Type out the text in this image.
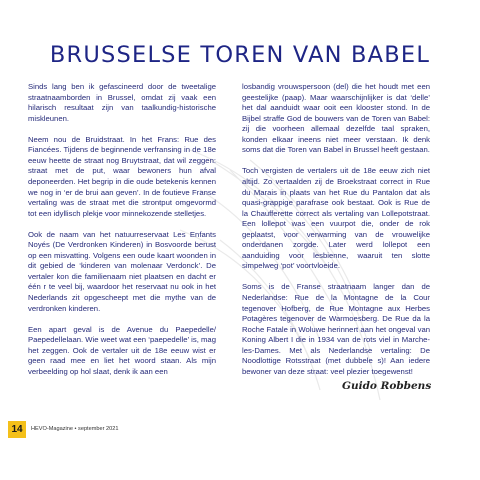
BRUSSELSE TOREN VAN BABEL

Sinds lang ben ik gefascineerd door de tweetalige straatnaamborden in Brussel, omdat zij vaak een hilarisch resultaat zijn van taalkundig-historische miskleunen.

Neem nou de Bruidstraat. In het Frans: Rue des Fiancées. Tijdens de beginnende verfransing in de 18e eeuw heette de straat nog Bruytstraat, dat wil zeggen: straat met de put, waar bewoners hun afval deponeerden. Het begrip in die oude betekenis kennen we nog in ‘er de brui aan geven’. In de foutieve Franse vertaling was de straat met die strontput omgevormd tot een idyllisch plekje voor minnekozende stelletjes.

Ook de naam van het natuurreservaat Les Enfants Noyés (De Verdronken Kinderen) in Bosvoorde berust op een misvatting. Volgens een oude kaart woonden in dit gebied de ‘kinderen van molenaar Verdonck’. De vertaler kon die familienaam niet plaatsen en dacht er één r te veel bij, waardoor het reservaat nu ook in het Nederlands zit opgescheept met die mythe van de verdronken kinderen.

Een apart geval is de Avenue du Paepedelle/ Paepedellelaan. Wie weet wat een ‘paepedelle’ is, mag het zeggen. Ook de vertaler uit de 18e eeuw wist er geen raad mee en liet het woord staan. Als mijn verbeelding op hol slaat, denk ik aan een

losbandig vrouwspersoon (del) die het houdt met een geestelijke (paap). Maar waarschijnlijker is dat ‘delle’ het dal aanduidt waar ooit een klooster stond. In de Bijbel straffe God de bouwers van de Toren van Babel: zij die voorheen allemaal dezelfde taal spraken, konden elkaar ineens niet meer verstaan. Ik denk soms dat die Toren van Babel in Brussel heeft gestaan.

Toch vergisten de vertalers uit de 18e eeuw zich niet altijd. Zo vertaalden zij de Broekstraat correct in Rue du Marais in plaats van het Rue du Pantalon dat als quasi-grappige parafrase ook bestaat. Ook is Rue de la Chaufferette correct als vertaling van Lollepotstraat. Een lollepot was een vuurpot die, onder de rok geplaatst, voor verwarming van de vrouwelijke onderdanen zorgde. Later werd lollepot een aanduiding voor lesbienne, waaruit ten slotte simpelweg ‘pot’ voortvloeide.

Soms is de Franse straatnaam langer dan de Nederlandse: Rue de la Montagne de la Cour tegenover Hofberg, de Rue Montagne aux Herbes Potagères tegenover de Warmoesberg. De Rue da la Roche Fatale in Woluwe herinnert aan het ongeval van Koning Albert I die in 1934 van de rots viel in Marche-les-Dames. Met als Nederlandse vertaling: De Noodlottige Rotsstraat (met dubbele s)! Aan iedere bewoner van deze straat: veel plezier toegewenst!

Guido Robbens
14	HEVO-Magazine • september 2021
